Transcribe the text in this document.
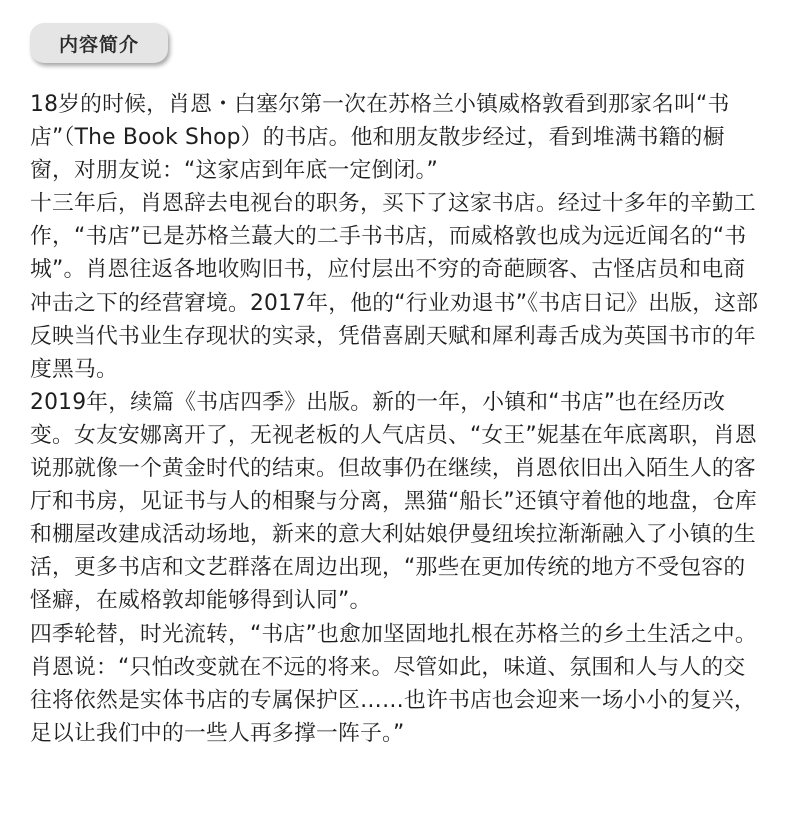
内容简介

18岁的时候，肖恩・白塞尔第一次在苏格兰小镇威格敦看到那家名叫“书店”（The Book Shop）的书店。他和朋友散步经过，看到堆满书籍的橱窗，对朋友说：“这家店到年底一定倒闭。”

十三年后，肖恩辞去电视台的职务，买下了这家书店。经过十多年的辛勤工作，“书店”已是苏格兰蕞大的二手书书店，而威格敦也成为远近闻名的“书城”。肖恩往返各地收购旧书，应付层出不穷的奇葩顾客、古怪店员和电商冲击之下的经营窘境。2017年，他的“行业劝退书”《书店日记》出版，这部反映当代书业生存现状的实录，凭借喜剧天赋和犀利毒舌成为英国书市的年度黑马。

2019年，续篇《书店四季》出版。新的一年，小镇和“书店”也在经历改变。女友安娜离开了，无视老板的人气店员、“女王”妮基在年底离职，肖恩说那就像一个黄金时代的结束。但故事仍在继续，肖恩依旧出入陌生人的客厅和书房，见证书与人的相聚与分离，黑猫“船长”还镇守着他的地盘，仓库和棚屋改建成活动场地，新来的意大利姑娘伊曼纽埃拉渐渐融入了小镇的生活，更多书店和文艺群落在周边出现，“那些在更加传统的地方不受包容的怪癖，在威格敦却能够得到认同”。

四季轮替，时光流转，“书店”也愈加坚固地扎根在苏格兰的乡土生活之中。肖恩说：“只怕改变就在不远的将来。尽管如此，味道、氛围和人与人的交往将依然是实体书店的专属保护区……也许书店也会迎来一场小小的复兴，足以让我们中的一些人再多撑一阵子。”
